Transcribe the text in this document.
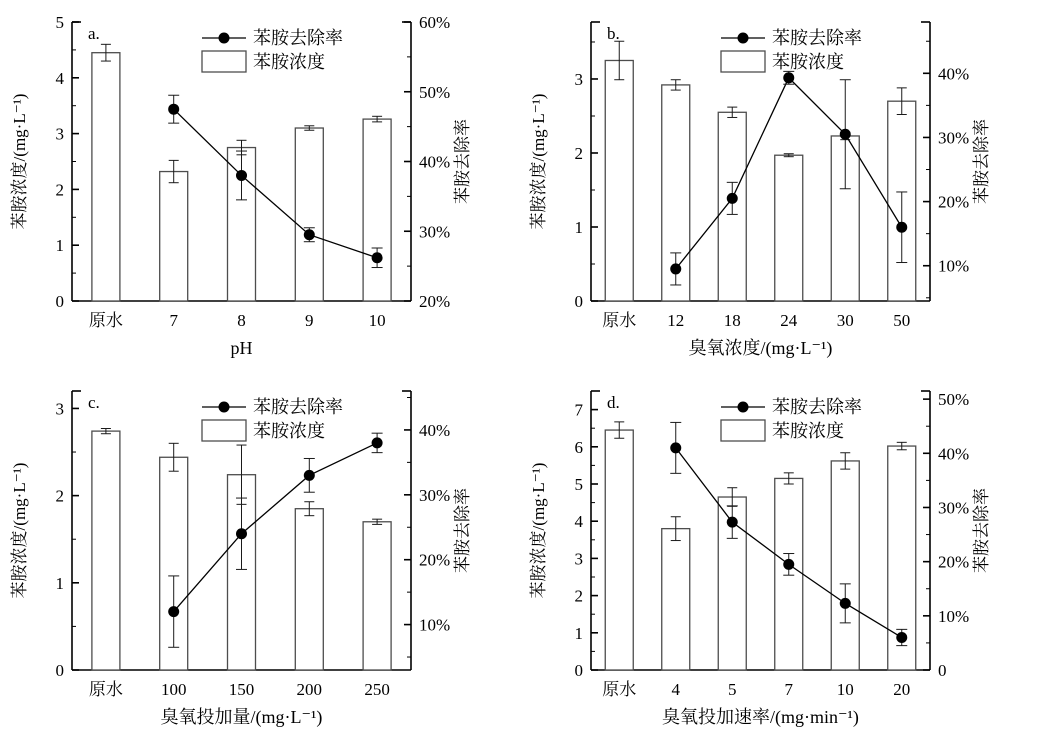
0
1
2
3
4
5
20%
30%
40%
50%
60%
原水	7	8	9	10
pH
苯胺浓度/(mg·L⁻¹)	苯胺去除率
a.	苯胺去除率
苯胺浓度
0
1
2
3
10%
20%
30%
40%
原水 12 18 24 30 50
臭氧浓度/(mg·L⁻¹)
苯胺浓度/(mg·L⁻¹)	苯胺去除率
b.	苯胺去除率
苯胺浓度
0
1
2
3
10%
20%
30%
40%
原水 100 150 200 250
臭氧投加量/(mg·L⁻¹)
苯胺浓度/(mg·L⁻¹)	苯胺去除率
c.	苯胺去除率
苯胺浓度
0
1
2
3
4
5
6
7
0
10%
20%
30%
40%
50%
原水 4	5	7	10 20
臭氧投加速率/(mg·min⁻¹)
苯胺浓度/(mg·L⁻¹)	苯胺去除率
d.	苯胺去除率
苯胺浓度
